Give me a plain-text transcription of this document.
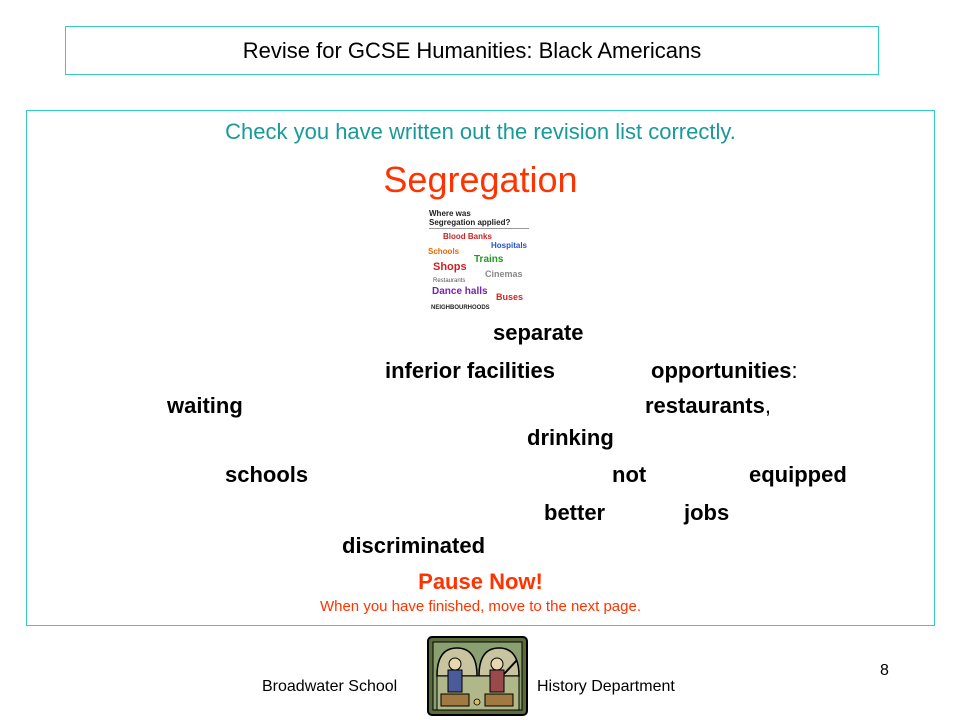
Revise for GCSE Humanities: Black Americans
Check you have written out the revision list correctly.
Segregation
Where was Segregation applied?
Blood Banks
Hospitals
Schools
Trains
Shops
Cinemas
Restaurants
Dance halls Buses
NEIGHBOURHOODS
separate
inferior facilities	opportunities:
waiting	restaurants,
drinking
schools	not	equipped
better	jobs
discriminated
Pause Now!
When you have finished, move to the next page.
Broadwater School	History Department
8
